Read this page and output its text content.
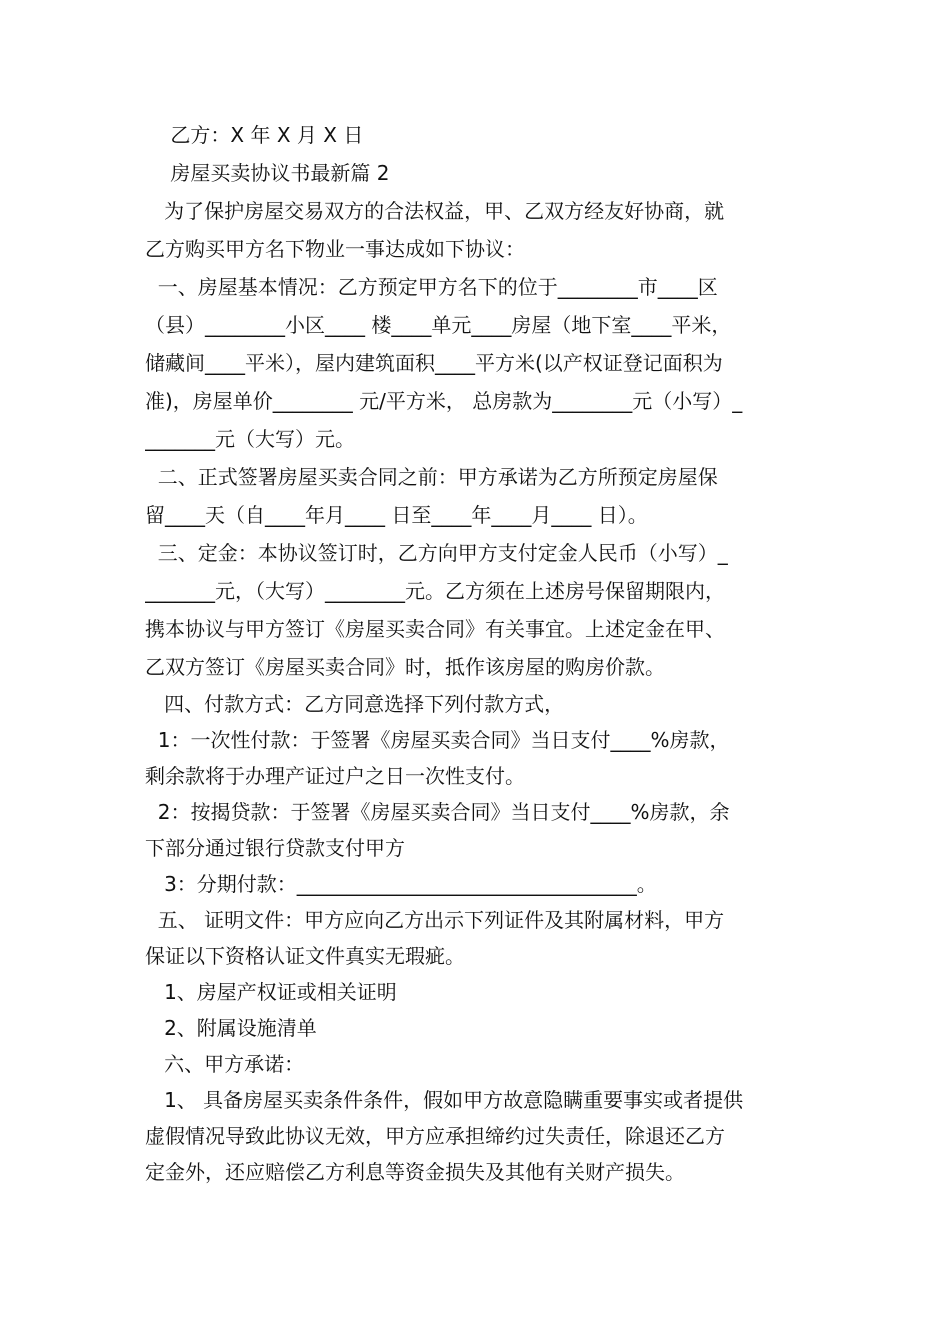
乙方：X 年 X 月 X 日
房屋买卖协议书最新篇 2
为了保护房屋交易双方的合法权益，甲、乙双方经友好协商，就
乙方购买甲方名下物业一事达成如下协议：
一、房屋基本情况：乙方预定甲方名下的位于________市____区
（县）________小区____ 楼____单元____房屋（地下室____平米，
储藏间____平米），屋内建筑面积____平方米(以产权证登记面积为
准)，房屋单价________ 元/平方米， 总房款为________元（小写）_
_______元（大写）元。
二、正式签署房屋买卖合同之前：甲方承诺为乙方所预定房屋保
留____天（自____年月____ 日至____年____月____ 日）。
三、定金：本协议签订时，乙方向甲方支付定金人民币（小写）_
_______元，（大写）________元。乙方须在上述房号保留期限内，
携本协议与甲方签订《房屋买卖合同》有关事宜。上述定金在甲、
乙双方签订《房屋买卖合同》时，抵作该房屋的购房价款。
四、付款方式：乙方同意选择下列付款方式，
1：一次性付款：于签署《房屋买卖合同》当日支付____%房款，
剩余款将于办理产证过户之日一次性支付。
2：按揭贷款：于签署《房屋买卖合同》当日支付____%房款，余
下部分通过银行贷款支付甲方
3：分期付款：__________________________________。
五、 证明文件：甲方应向乙方出示下列证件及其附属材料，甲方
保证以下资格认证文件真实无瑕疵。
1、房屋产权证或相关证明
2、附属设施清单
六、甲方承诺：
1、 具备房屋买卖条件条件，假如甲方故意隐瞒重要事实或者提供
虚假情况导致此协议无效，甲方应承担缔约过失责任，除退还乙方
定金外，还应赔偿乙方利息等资金损失及其他有关财产损失。
